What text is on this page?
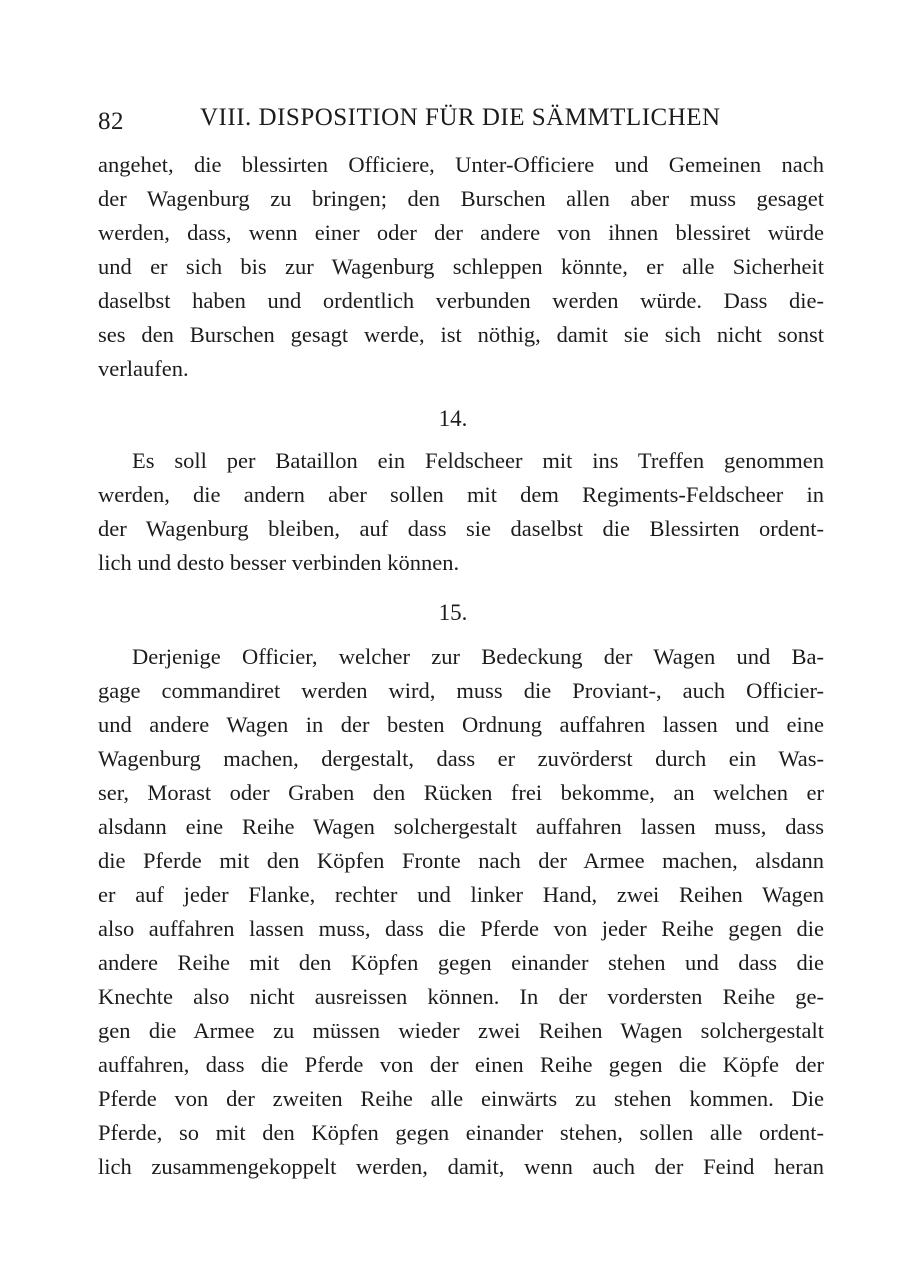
82	VIII. DISPOSITION FÜR DIE SÄMMTLICHEN
angehet, die blessirten Officiere, Unter-Officiere und Gemeinen nach
der Wagenburg zu bringen; den Burschen allen aber muss gesaget
werden, dass, wenn einer oder der andere von ihnen blessiret würde
und er sich bis zur Wagenburg schleppen könnte, er alle Sicherheit
daselbst haben und ordentlich verbunden werden würde. Dass die-
ses den Burschen gesagt werde, ist nöthig, damit sie sich nicht sonst
verlaufen.
14.
Es soll per Bataillon ein Feldscheer mit ins Treffen genommen
werden, die andern aber sollen mit dem Regiments-Feldscheer in
der Wagenburg bleiben, auf dass sie daselbst die Blessirten ordent-
lich und desto besser verbinden können.
15.
Derjenige Officier, welcher zur Bedeckung der Wagen und Ba-
gage commandiret werden wird, muss die Proviant-, auch Officier-
und andere Wagen in der besten Ordnung auffahren lassen und eine
Wagenburg machen, dergestalt, dass er zuvörderst durch ein Was-
ser, Morast oder Graben den Rücken frei bekomme, an welchen er
alsdann eine Reihe Wagen solchergestalt auffahren lassen muss, dass
die Pferde mit den Köpfen Fronte nach der Armee machen, alsdann
er auf jeder Flanke, rechter und linker Hand, zwei Reihen Wagen
also auffahren lassen muss, dass die Pferde von jeder Reihe gegen die
andere Reihe mit den Köpfen gegen einander stehen und dass die
Knechte also nicht ausreissen können. In der vordersten Reihe ge-
gen die Armee zu müssen wieder zwei Reihen Wagen solchergestalt
auffahren, dass die Pferde von der einen Reihe gegen die Köpfe der
Pferde von der zweiten Reihe alle einwärts zu stehen kommen. Die
Pferde, so mit den Köpfen gegen einander stehen, sollen alle ordent-
lich zusammengekoppelt werden, damit, wenn auch der Feind heran
